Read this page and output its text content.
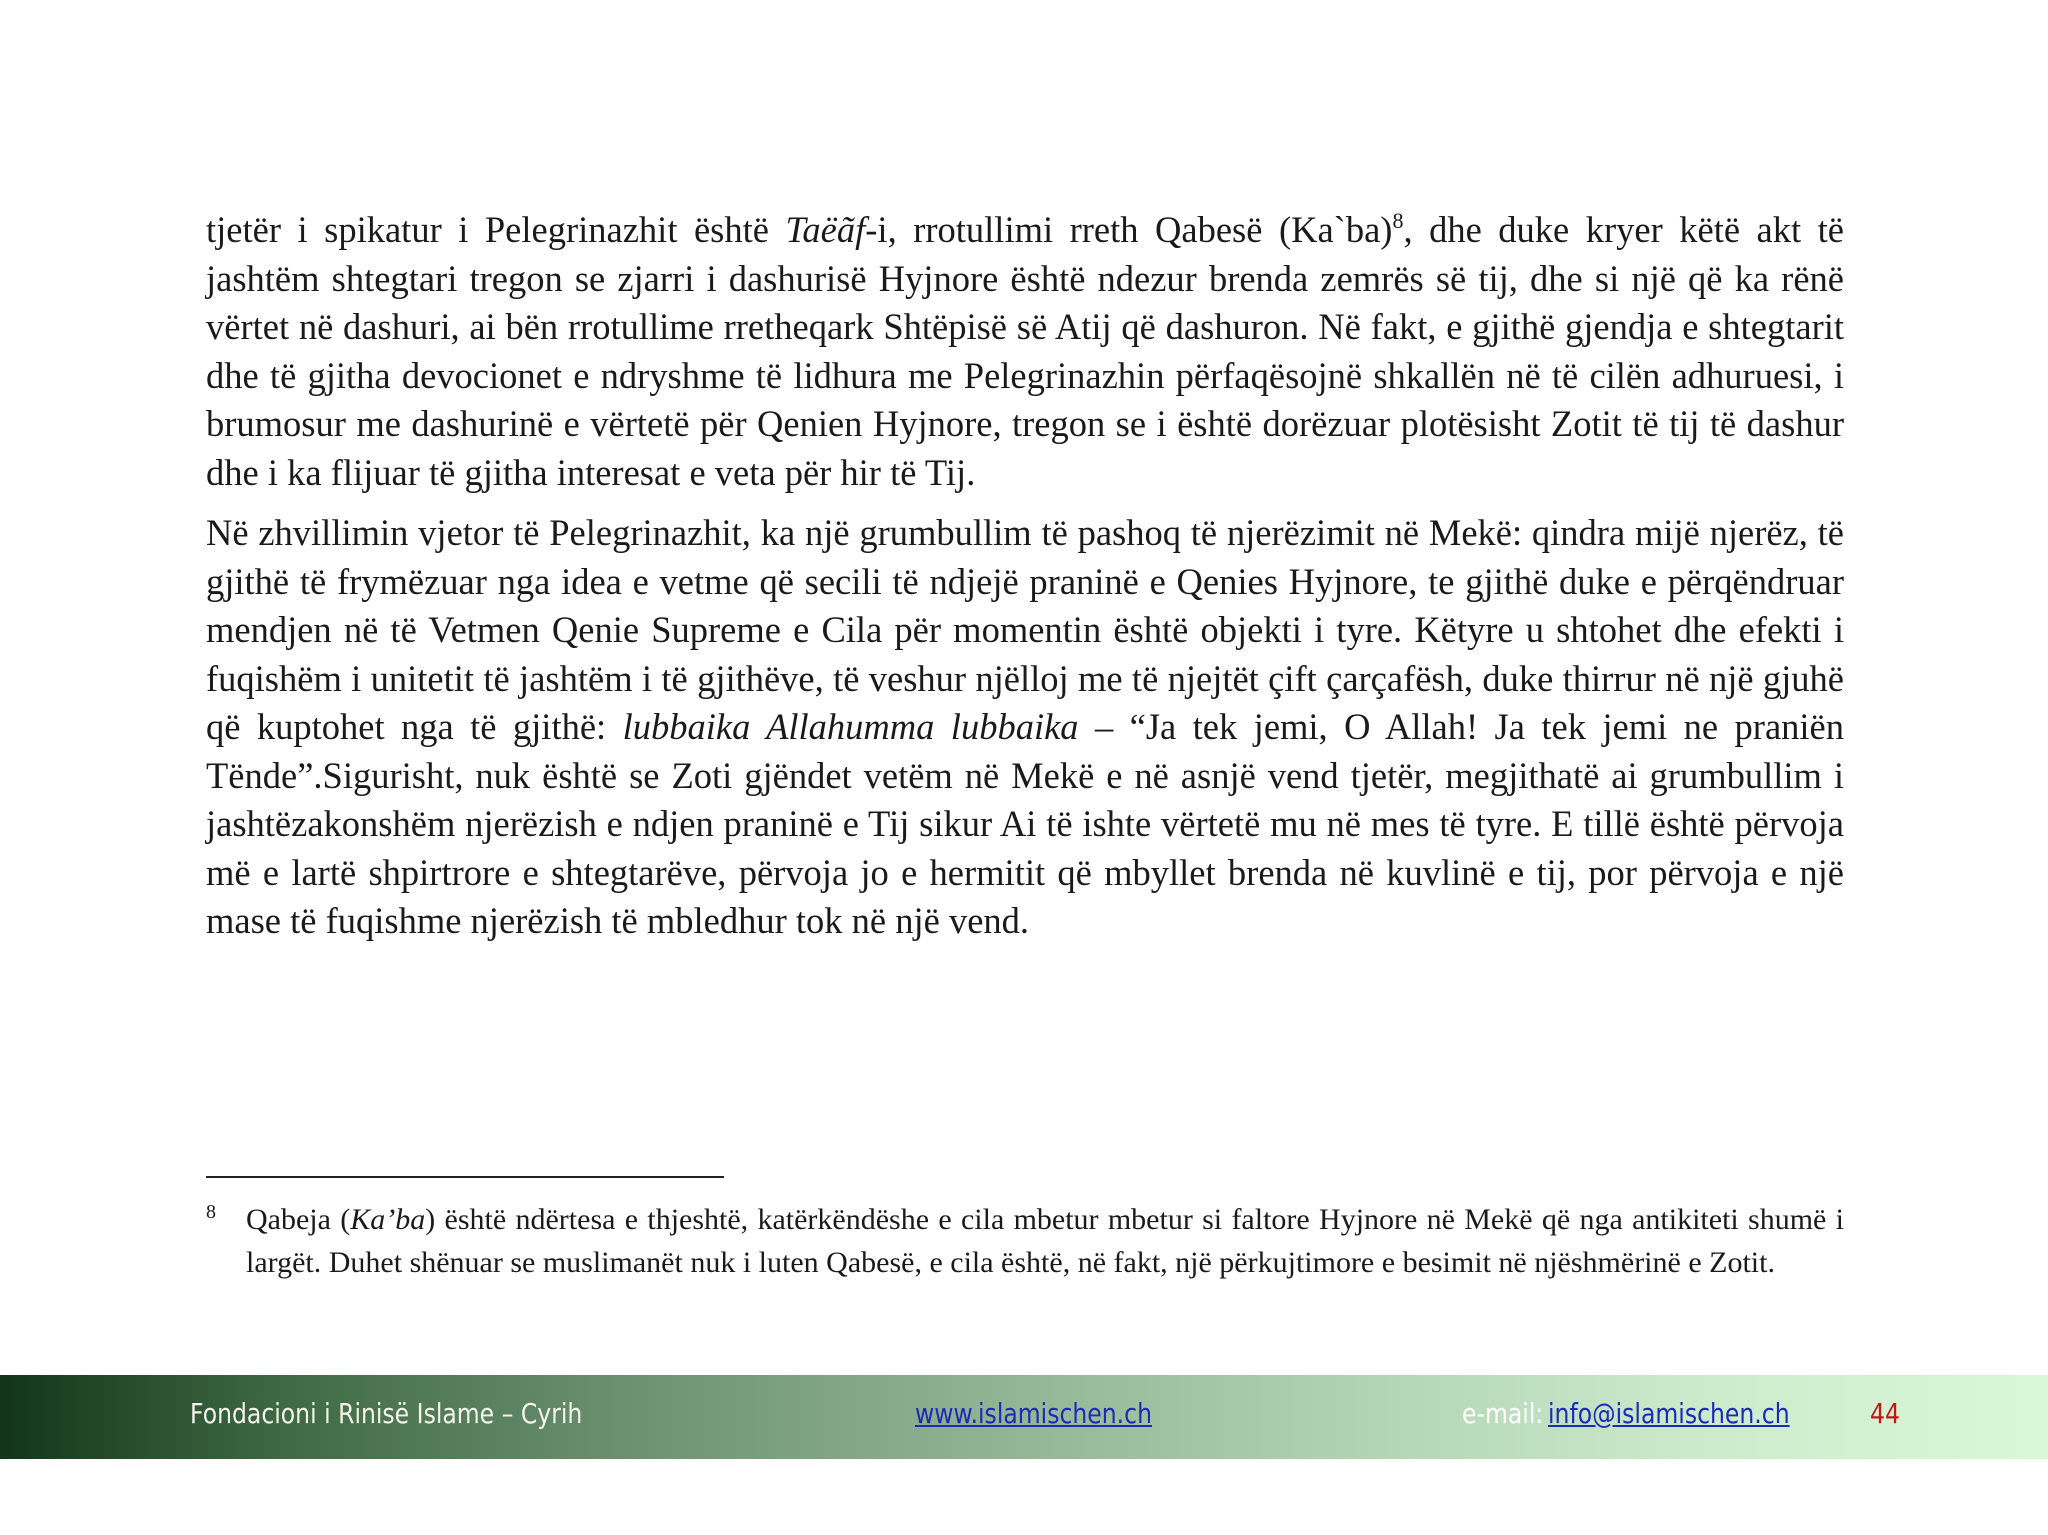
tjetër i spikatur i Pelegrinazhit është Taëãf-i, rrotullimi rreth Qabesë (Ka`ba)$^8$, dhe duke kryer këtë akt të jashtëm shtegtari tregon se zjarri i dashurisë Hyjnore është ndezur brenda zemrës së tij, dhe si një që ka rënë vërtet në dashuri, ai bën rrotullime rretheqark Shtëpisë së Atij që dashuron. Në fakt, e gjithë gjendja e shtegtarit dhe të gjitha devocionet e ndryshme të lidhura me Pelegrinazhin përfaqësojnë shkallën në të cilën adhuruesi, i brumosur me dashurinë e vërtetë për Qenien Hyjnore, tregon se i është dorëzuar plotësisht Zotit të tij të dashur dhe i ka flijuar të gjitha interesat e veta për hir të Tij.

Në zhvillimin vjetor të Pelegrinazhit, ka një grumbullim të pashoq të njerëzimit në Mekë: qindra mijë njerëz, të gjithë të frymëzuar nga idea e vetme që secili të ndjejë praninë e Qenies Hyjnore, te gjithë duke e përqëndruar mendjen në të Vetmen Qenie Supreme e Cila për momentin është objekti i tyre. Këtyre u shtohet dhe efekti i fuqishëm i unitetit të jashtëm i të gjithëve, të veshur njëlloj me të njejtët çift çarçafësh, duke thirrur në një gjuhë që kuptohet nga të gjithë: lubbaika Allahumma lubbaika – “Ja tek jemi, O Allah! Ja tek jemi ne praniën Tënde”.Sigurisht, nuk është se Zoti gjëndet vetëm në Mekë e në asnjë vend tjetër, megjithatë ai grumbullim i jashtëzakonshëm njerëzish e ndjen praninë e Tij sikur Ai të ishte vërtetë mu në mes të tyre. E tillë është përvoja më e lartë shpirtrore e shtegtarëve, përvoja jo e hermitit që mbyllet brenda në kuvlinë e tij, por përvoja e një mase të fuqishme njerëzish të mbledhur tok në një vend.

8 Qabeja (Ka’ba) është ndërtesa e thjeshtë, katërkëndëshe e cila mbetur mbetur si faltore Hyjnore në Mekë që nga antikiteti shumë i largët. Duhet shënuar se muslimanët nuk i luten Qabesë, e cila është, në fakt, një përkujtimore e besimit në njëshmërinë e Zotit.
Fondacioni i Rinisë Islame – Cyrih	www.islamischen.ch	e-mail: info@islamischen.ch	44
